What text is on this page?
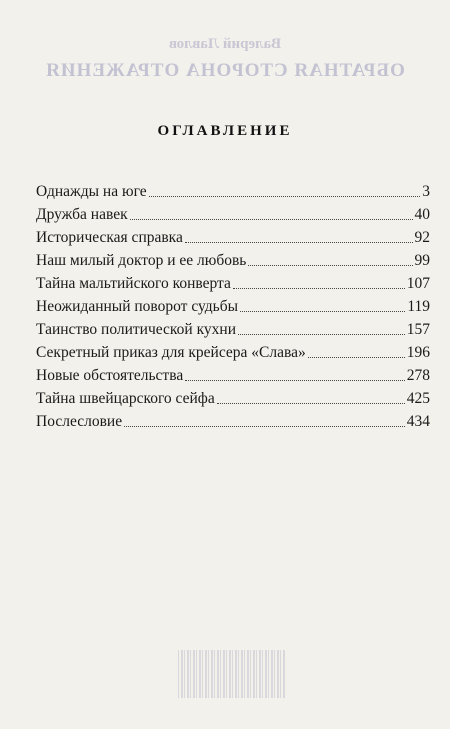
Валерий Лавлов
ОБРАТНАЯ СТОРОНА ОТРАЖЕНИЯ
ОГЛАВЛЕНИЕ
Однажды на юге	3
Дружба навек	40
Историческая справка	92
Наш милый доктор и ее любовь	99
Тайна мальтийского конверта	107
Неожиданный поворот судьбы	119
Таинство политической кухни	157
Секретный приказ для крейсера «Слава»	196
Новые обстоятельства	278
Тайна швейцарского сейфа	425
Послесловие	434
